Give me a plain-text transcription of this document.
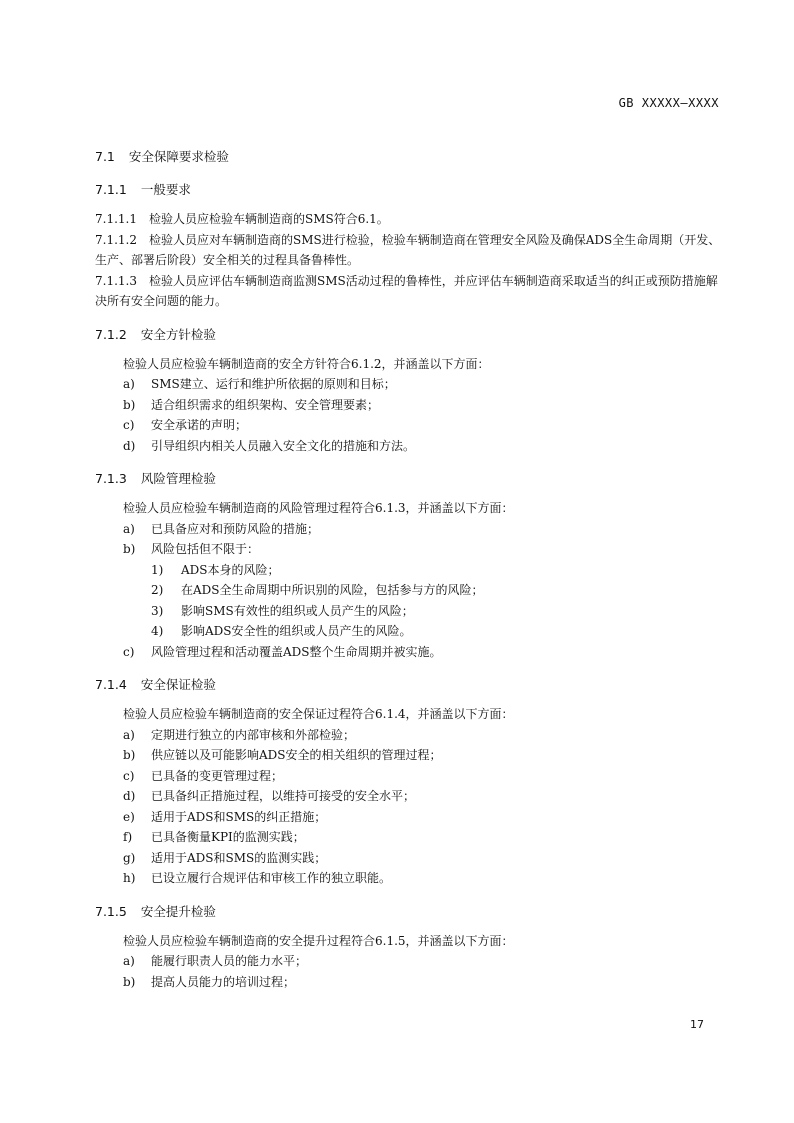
GB XXXXX—XXXX
7.1 安全保障要求检验
7.1.1 一般要求

7.1.1.1 检验人员应检验车辆制造商的SMS符合6.1。

7.1.1.2 检验人员应对车辆制造商的SMS进行检验，检验车辆制造商在管理安全风险及确保ADS全生命周期（开发、生产、部署后阶段）安全相关的过程具备鲁棒性。

7.1.1.3 检验人员应评估车辆制造商监测SMS活动过程的鲁棒性，并应评估车辆制造商采取适当的纠正或预防措施解决所有安全问题的能力。

7.1.2 安全方针检验

检验人员应检验车辆制造商的安全方针符合6.1.2，并涵盖以下方面：

a)	SMS建立、运行和维护所依据的原则和目标；
b)	适合组织需求的组织架构、安全管理要素；
c)	安全承诺的声明；
d)	引导组织内相关人员融入安全文化的措施和方法。
7.1.3 风险管理检验

检验人员应检验车辆制造商的风险管理过程符合6.1.3，并涵盖以下方面：

a)	已具备应对和预防风险的措施；
b)	风险包括但不限于：
1)	ADS本身的风险；
2)	在ADS全生命周期中所识别的风险，包括参与方的风险；
3)	影响SMS有效性的组织或人员产生的风险；
4)	影响ADS安全性的组织或人员产生的风险。
c)	风险管理过程和活动覆盖ADS整个生命周期并被实施。
7.1.4 安全保证检验

检验人员应检验车辆制造商的安全保证过程符合6.1.4，并涵盖以下方面：

a)	定期进行独立的内部审核和外部检验；
b)	供应链以及可能影响ADS安全的相关组织的管理过程；
c)	已具备的变更管理过程；
d)	已具备纠正措施过程，以维持可接受的安全水平；
e)	适用于ADS和SMS的纠正措施；
f)	已具备衡量KPI的监测实践；
g)	适用于ADS和SMS的监测实践；
h)	已设立履行合规评估和审核工作的独立职能。
7.1.5 安全提升检验

检验人员应检验车辆制造商的安全提升过程符合6.1.5，并涵盖以下方面：

a)	能履行职责人员的能力水平；
b)	提高人员能力的培训过程；
17
